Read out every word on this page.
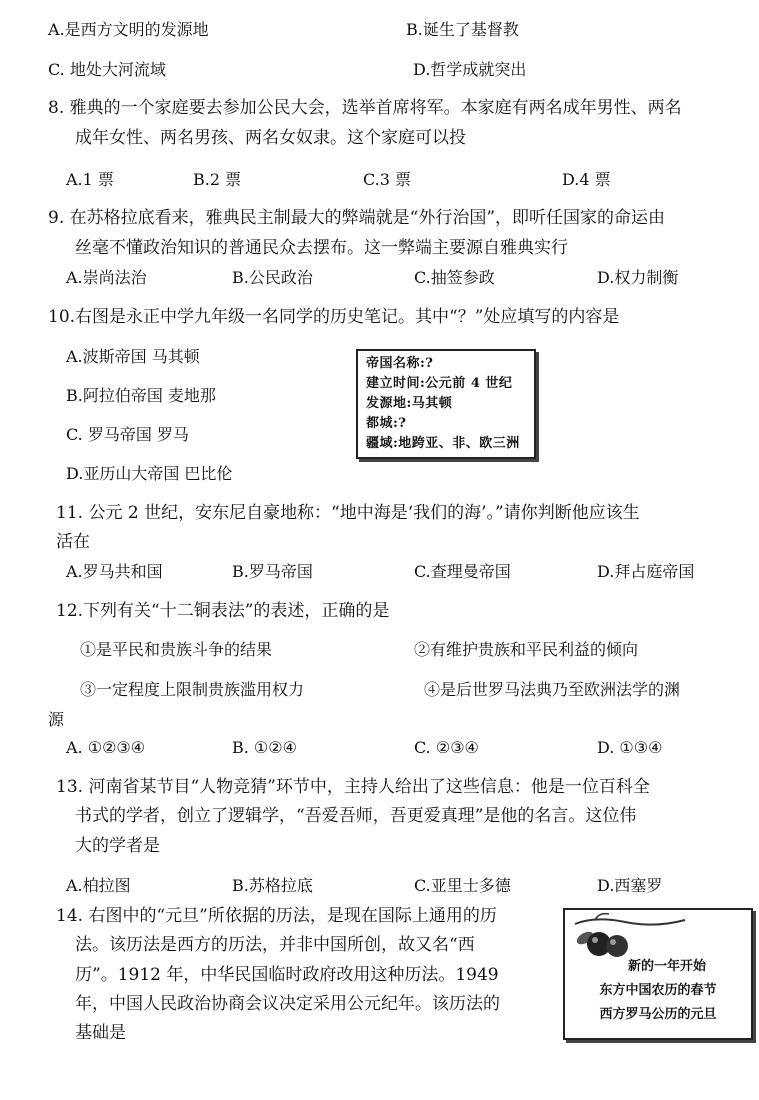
A.是西方文明的发源地	B.诞生了基督教
C. 地处大河流域	D.哲学成就突出
8. 雅典的一个家庭要去参加公民大会，选举首席将军。本家庭有两名成年男性、两名
成年女性、两名男孩、两名女奴隶。这个家庭可以投
A.1 票	B.2 票	C.3 票	D.4 票
9. 在苏格拉底看来，雅典民主制最大的弊端就是“外行治国”，即听任国家的命运由
丝毫不懂政治知识的普通民众去摆布。这一弊端主要源自雅典实行
A.崇尚法治	B.公民政治	C.抽签参政	D.权力制衡
10.右图是永正中学九年级一名同学的历史笔记。其中“？”处应填写的内容是
A.波斯帝国 马其顿
B.阿拉伯帝国 麦地那
C. 罗马帝国 罗马
D.亚历山大帝国 巴比伦
帝国名称:?
建立时间:公元前 4 世纪
发源地:马其顿
都城:?
疆域:地跨亚、非、欧三洲
11. 公元 2 世纪，安东尼自豪地称：“地中海是‘我们的海’。”请你判断他应该生
活在
A.罗马共和国	B.罗马帝国	C.查理曼帝国	D.拜占庭帝国
12.下列有关“十二铜表法”的表述，正确的是
①是平民和贵族斗争的结果	②有维护贵族和平民利益的倾向
③一定程度上限制贵族滥用权力	④是后世罗马法典乃至欧洲法学的渊
源
A. ①②③④	B. ①②④	C. ②③④	D. ①③④
13. 河南省某节目“人物竞猜”环节中，主持人给出了这些信息：他是一位百科全
书式的学者，创立了逻辑学，“吾爱吾师，吾更爱真理”是他的名言。这位伟
大的学者是
A.柏拉图	B.苏格拉底	C.亚里士多德	D.西塞罗
14. 右图中的“元旦”所依据的历法，是现在国际上通用的历
法。该历法是西方的历法，并非中国所创，故又名“西
历”。1912 年，中华民国临时政府改用这种历法。1949
年，中国人民政治协商会议决定采用公元纪年。该历法的
基础是
新的一年开始
东方中国农历的春节
西方罗马公历的元旦
